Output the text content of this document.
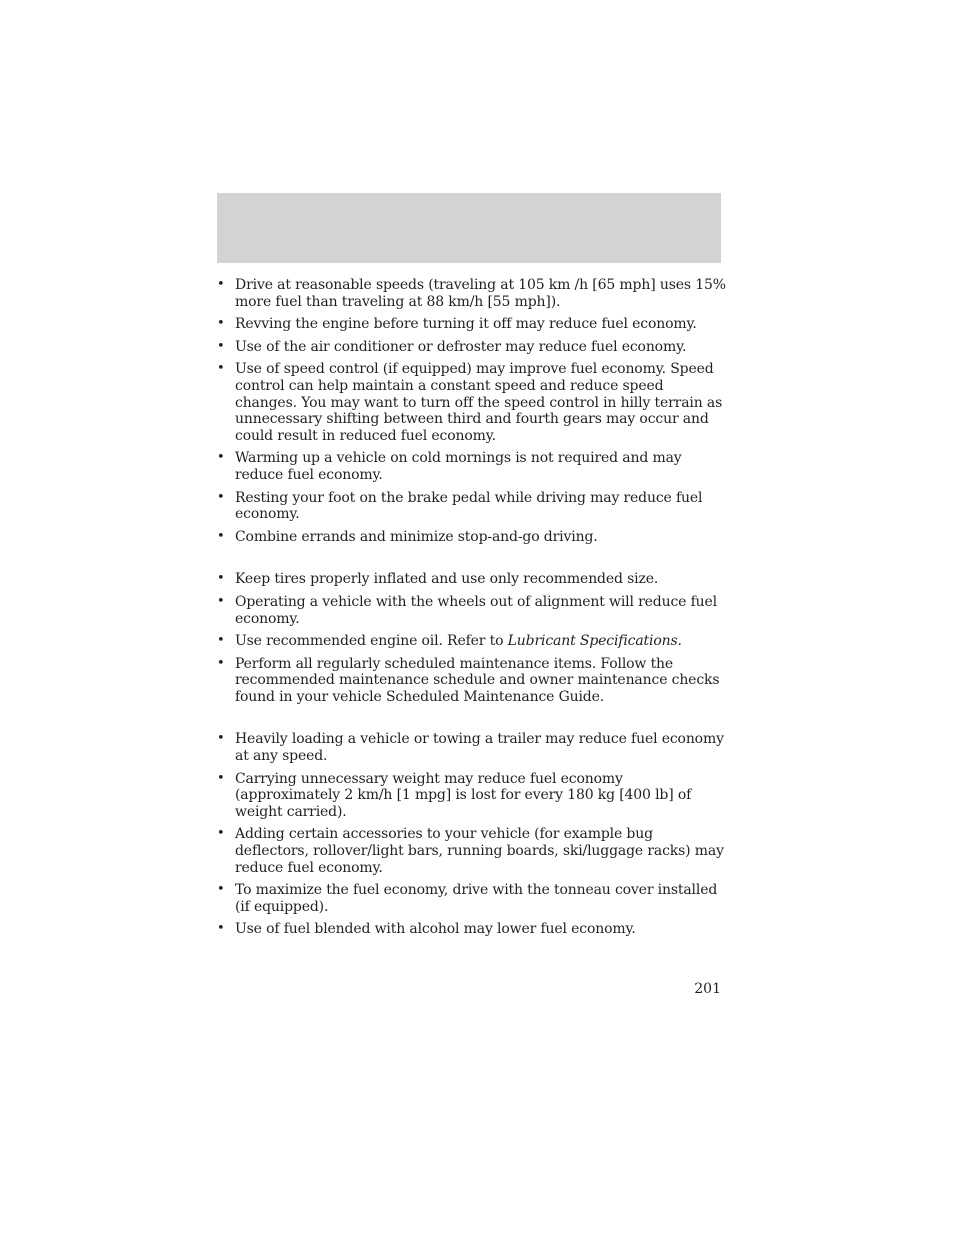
• Drive at reasonable speeds (traveling at 105 km /h [65 mph] uses 15% more fuel than traveling at 88 km/h [55 mph]).
• Revving the engine before turning it off may reduce fuel economy.
• Use of the air conditioner or defroster may reduce fuel economy.
• Use of speed control (if equipped) may improve fuel economy. Speed control can help maintain a constant speed and reduce speed changes. You may want to turn off the speed control in hilly terrain as unnecessary shifting between third and fourth gears may occur and could result in reduced fuel economy.
• Warming up a vehicle on cold mornings is not required and may reduce fuel economy.
• Resting your foot on the brake pedal while driving may reduce fuel economy.
• Combine errands and minimize stop-and-go driving.
• Keep tires properly inflated and use only recommended size.
• Operating a vehicle with the wheels out of alignment will reduce fuel economy.
• Use recommended engine oil. Refer to Lubricant Specifications.
• Perform all regularly scheduled maintenance items. Follow the recommended maintenance schedule and owner maintenance checks found in your vehicle Scheduled Maintenance Guide.
• Heavily loading a vehicle or towing a trailer may reduce fuel economy at any speed.
• Carrying unnecessary weight may reduce fuel economy (approximately 2 km/h [1 mpg] is lost for every 180 kg [400 lb] of weight carried).
• Adding certain accessories to your vehicle (for example bug deflectors, rollover/light bars, running boards, ski/luggage racks) may reduce fuel economy.
• To maximize the fuel economy, drive with the tonneau cover installed (if equipped).
• Use of fuel blended with alcohol may lower fuel economy.
201
